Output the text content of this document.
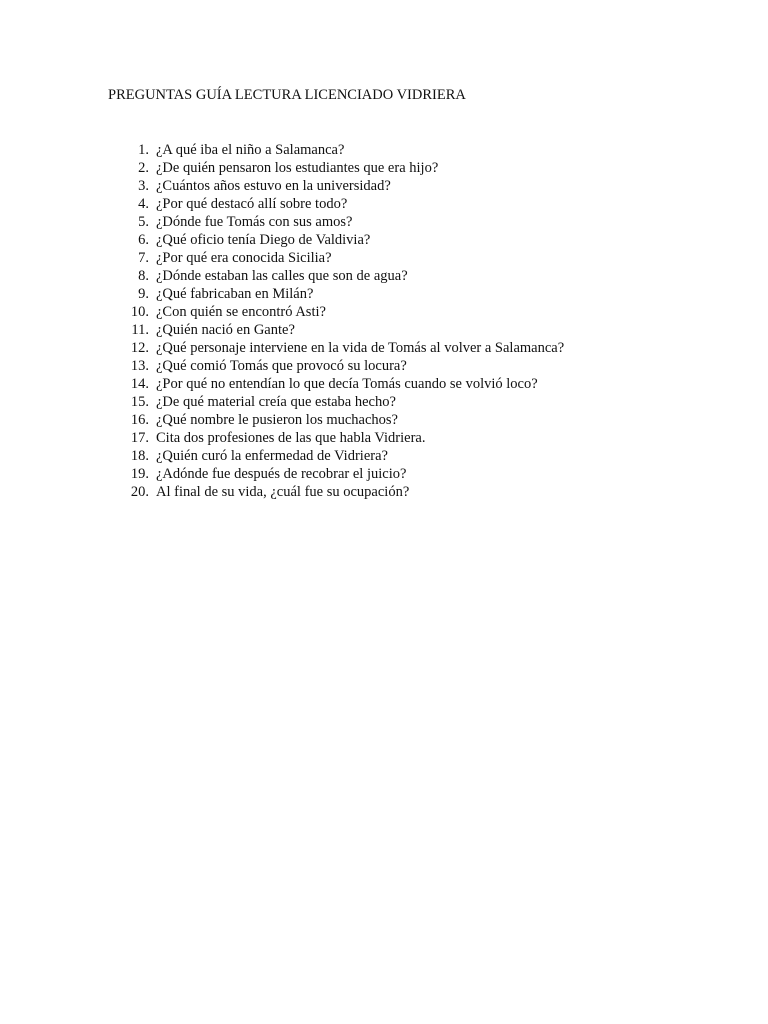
PREGUNTAS GUÍA LECTURA LICENCIADO VIDRIERA
1. ¿A qué iba el niño a Salamanca?
2. ¿De quién pensaron los estudiantes que era hijo?
3. ¿Cuántos años estuvo en la universidad?
4. ¿Por qué destacó allí sobre todo?
5. ¿Dónde fue Tomás con sus amos?
6. ¿Qué oficio tenía Diego de Valdivia?
7. ¿Por qué era conocida Sicilia?
8. ¿Dónde estaban las calles que son de agua?
9. ¿Qué fabricaban en Milán?
10. ¿Con quién se encontró Asti?
11. ¿Quién nació en Gante?
12. ¿Qué personaje interviene en la vida de Tomás al volver a Salamanca?
13. ¿Qué comió Tomás que provocó su locura?
14. ¿Por qué no entendían lo que decía Tomás cuando se volvió loco?
15. ¿De qué material creía que estaba hecho?
16. ¿Qué nombre le pusieron los muchachos?
17. Cita dos profesiones de las que habla Vidriera.
18. ¿Quién curó la enfermedad de Vidriera?
19. ¿Adónde fue después de recobrar el juicio?
20. Al final de su vida, ¿cuál fue su ocupación?
